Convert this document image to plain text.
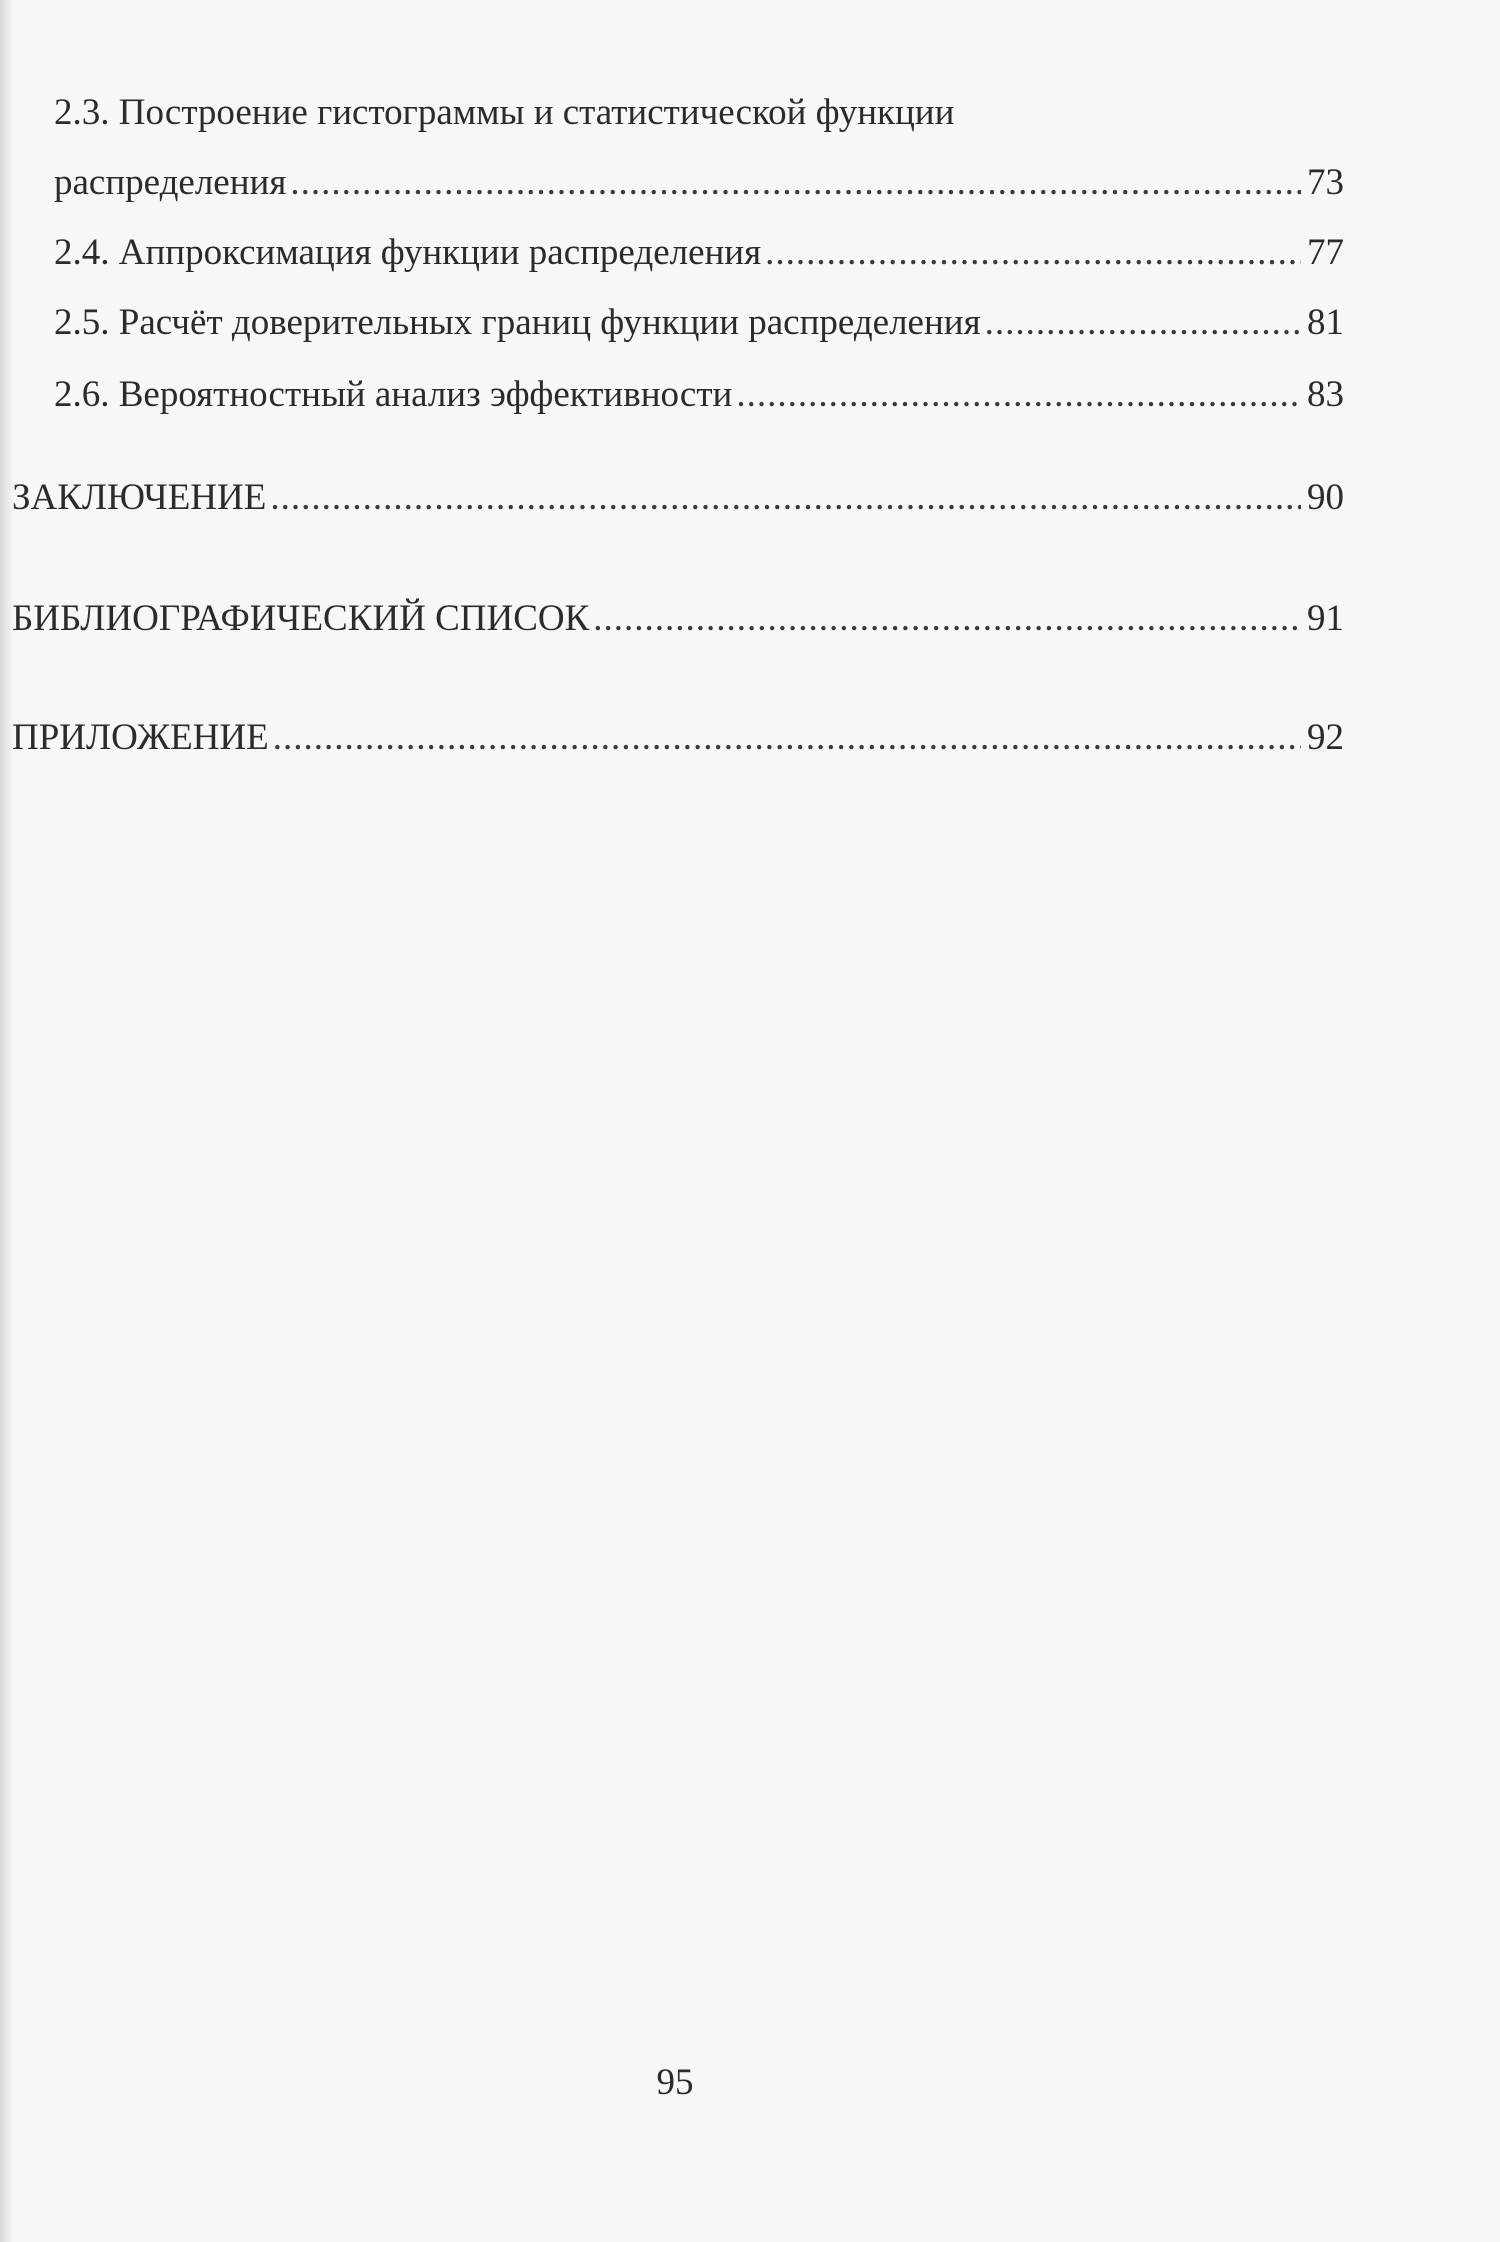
2.3. Построение гистограммы и статистической функции
распределения .....	73
2.4. Аппроксимация функции распределения .....	77
2.5. Расчёт доверительных границ функции распределения .....	81
2.6. Вероятностный анализ эффективности .....	83
ЗАКЛЮЧЕНИЕ .....	90
БИБЛИОГРАФИЧЕСКИЙ СПИСОК .....	91
ПРИЛОЖЕНИЕ .....	92
95
